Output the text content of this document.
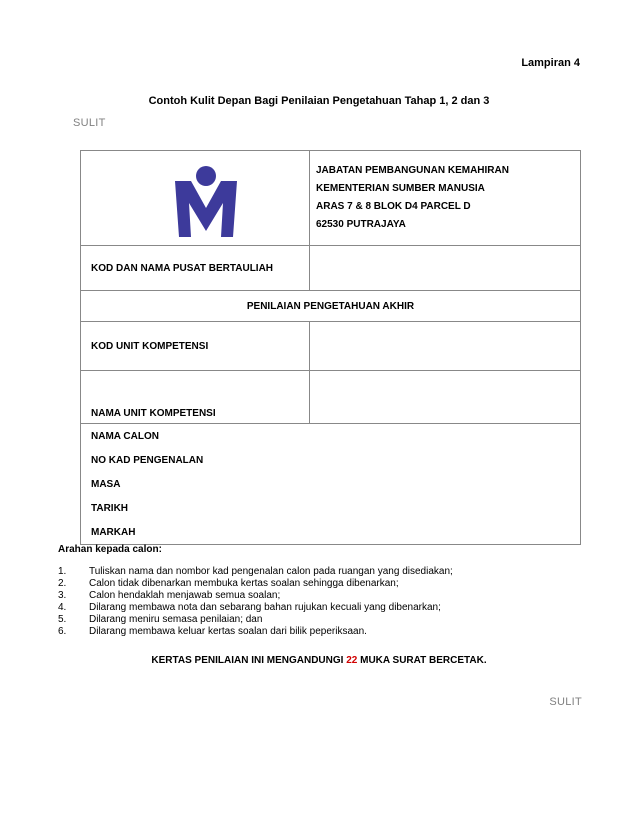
Lampiran 4
Contoh Kulit Depan Bagi Penilaian Pengetahuan Tahap 1, 2 dan 3
SULIT

JABATAN PEMBANGUNAN KEMAHIRAN
KEMENTERIAN SUMBER MANUSIA
ARAS 7 & 8 BLOK D4 PARCEL D
62530 PUTRAJAYA

KOD DAN NAMA PUSAT BERTAULIAH	
PENILAIAN PENGETAHUAN AKHIR	
KOD UNIT KOMPETENSI	
NAMA UNIT KOMPETENSI	
NAMA CALON	
NO KAD PENGENALAN	
MASA	
TARIKH	
MARKAH	
Arahan kepada calon:
1. Tuliskan nama dan nombor kad pengenalan calon pada ruangan yang disediakan;
2. Calon tidak dibenarkan membuka kertas soalan sehingga dibenarkan;
3. Calon hendaklah menjawab semua soalan;
4. Dilarang membawa nota dan sebarang bahan rujukan kecuali yang dibenarkan;
5. Dilarang meniru semasa penilaian; dan
6. Dilarang membawa keluar kertas soalan dari bilik peperiksaan.
KERTAS PENILAIAN INI MENGANDUNGI 22 MUKA SURAT BERCETAK.
SULIT
